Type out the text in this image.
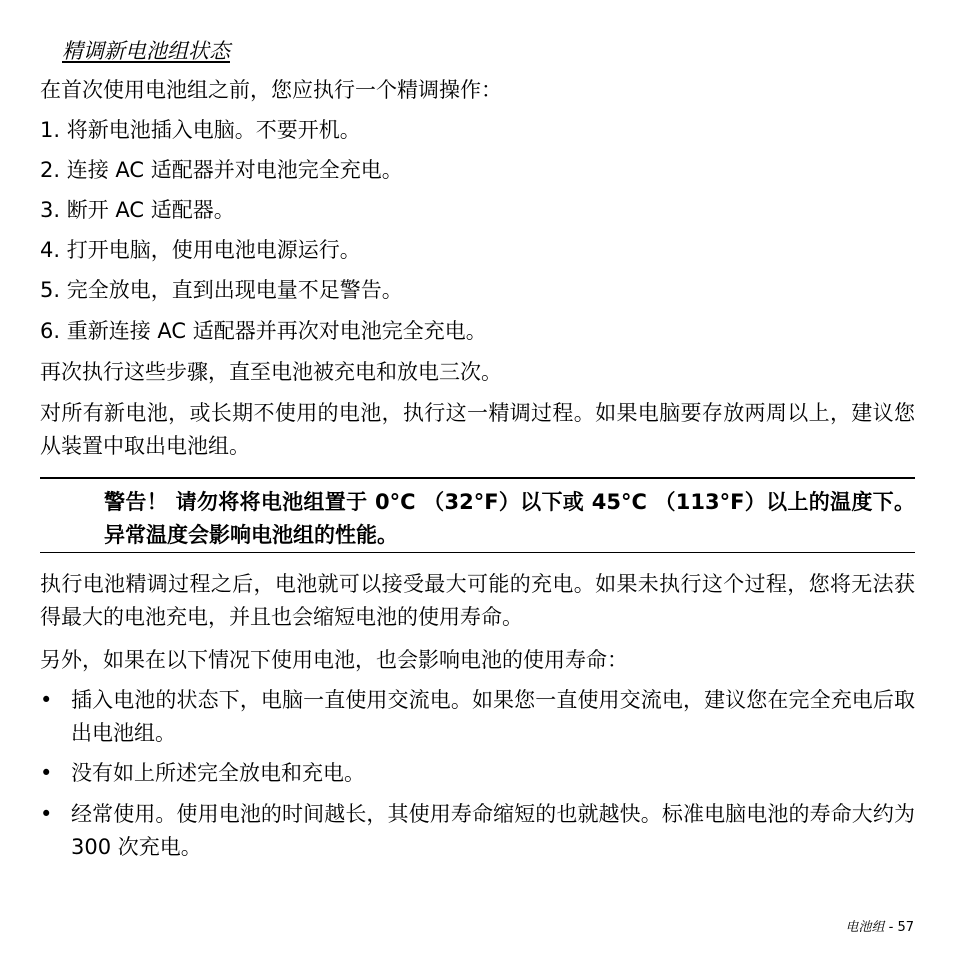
精调新电池组状态

在首次使用电池组之前，您应执行一个精调操作：

1. 将新电池插入电脑。不要开机。

2. 连接 AC 适配器并对电池完全充电。

3. 断开 AC 适配器。

4. 打开电脑，使用电池电源运行。

5. 完全放电，直到出现电量不足警告。

6. 重新连接 AC 适配器并再次对电池完全充电。

再次执行这些步骤，直至电池被充电和放电三次。

对所有新电池，或长期不使用的电池，执行这一精调过程。如果电脑要存放两周以上，建议您从装置中取出电池组。

警告！ 请勿将将电池组置于 0°C （32°F）以下或 45°C （113°F）以上的温度下。异常温度会影响电池组的性能。

执行电池精调过程之后，电池就可以接受最大可能的充电。如果未执行这个过程，您将无法获得最大的电池充电，并且也会缩短电池的使用寿命。

另外，如果在以下情况下使用电池，也会影响电池的使用寿命：

• 插入电池的状态下，电脑一直使用交流电。如果您一直使用交流电，建议您在完全充电后取出电池组。
• 没有如上所述完全放电和充电。
• 经常使用。使用电池的时间越长，其使用寿命缩短的也就越快。标准电脑电池的寿命大约为 300 次充电。
电池组 - 57
